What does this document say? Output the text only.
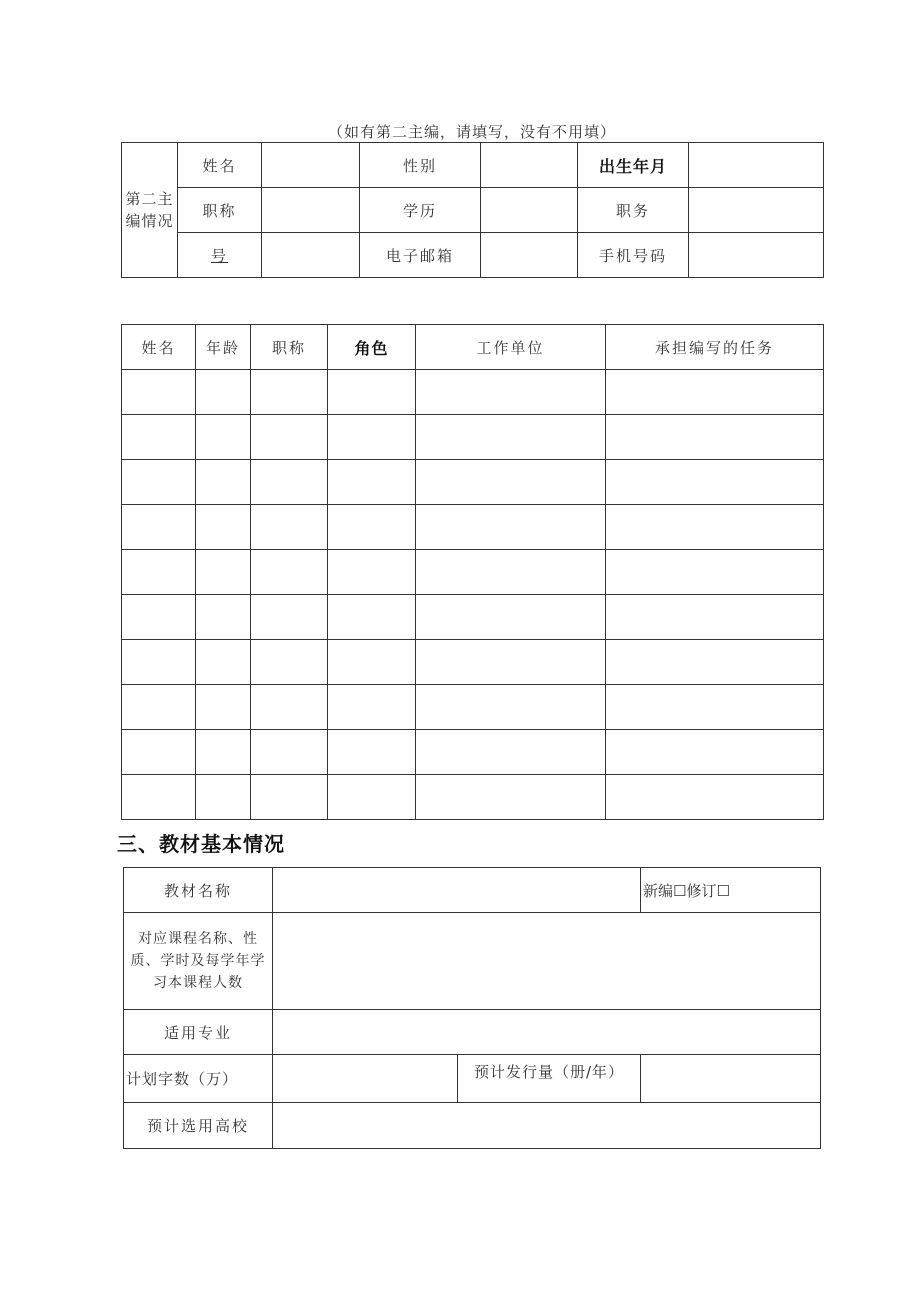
（如有第二主编，请填写，没有不用填）
第二主编情况	姓名		性别		出生年月	
	职称		学历		职务	
	号		电子邮箱		手机号码	
姓名	年龄	职称	角色	工作单位	承担编写的任务

三、教材基本情况
教材名称			新编☐修订☐
对应课程名称、性质、学时及每学年学习本课程人数			
适用专业			
计划字数（万）		预计发行量（册/年）	
预计选用高校			
